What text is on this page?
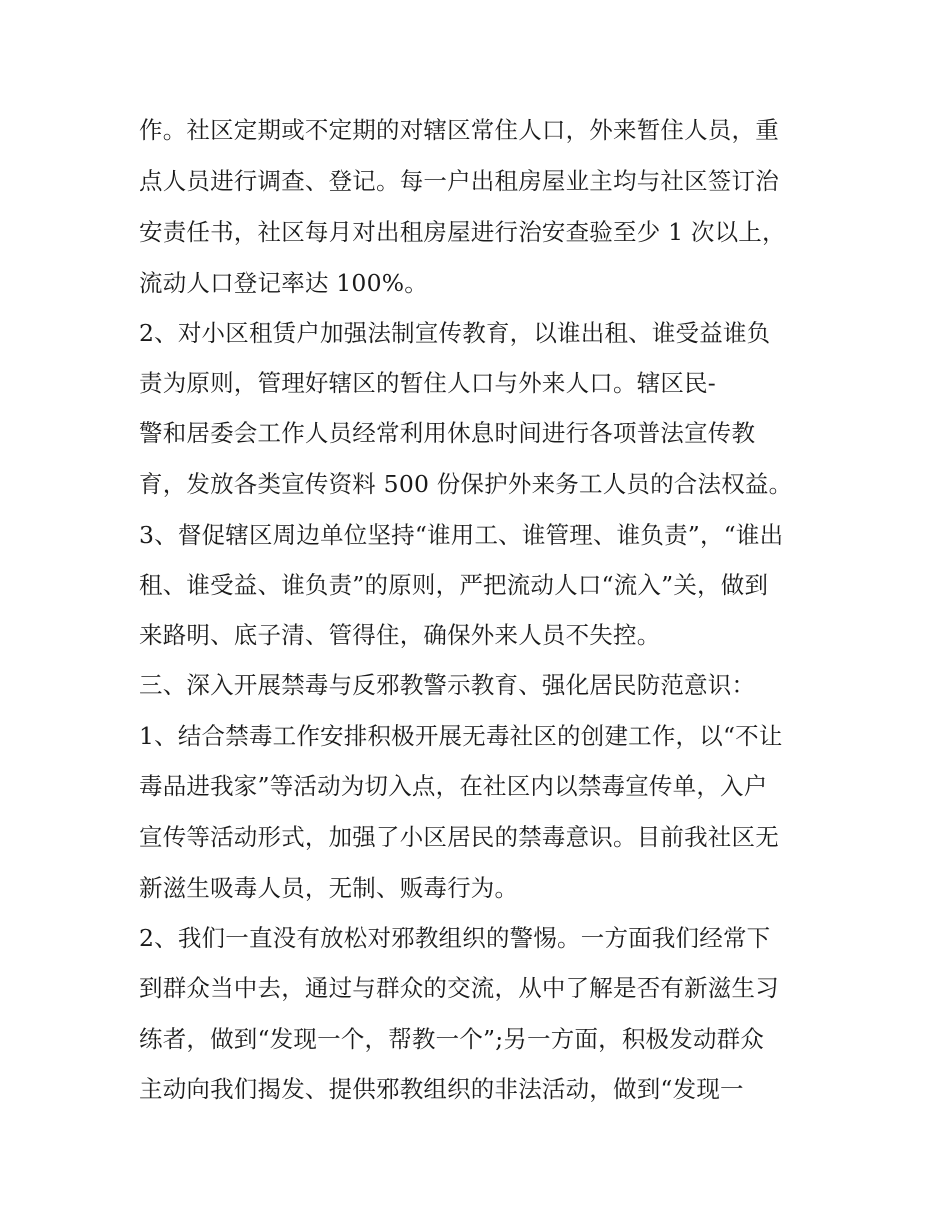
作。社区定期或不定期的对辖区常住人口，外来暂住人员，重
点人员进行调查、登记。每一户出租房屋业主均与社区签订治
安责任书，社区每月对出租房屋进行治安查验至少 1 次以上，
流动人口登记率达 100%。
2、对小区租赁户加强法制宣传教育，以谁出租、谁受益谁负
责为原则，管理好辖区的暂住人口与外来人口。辖区民-
警和居委会工作人员经常利用休息时间进行各项普法宣传教
育，发放各类宣传资料 500 份保护外来务工人员的合法权益。
3、督促辖区周边单位坚持“谁用工、谁管理、谁负责”，“谁出
租、谁受益、谁负责”的原则，严把流动人口“流入”关，做到
来路明、底子清、管得住，确保外来人员不失控。
三、深入开展禁毒与反邪教警示教育、强化居民防范意识：
1、结合禁毒工作安排积极开展无毒社区的创建工作，以“不让
毒品进我家”等活动为切入点，在社区内以禁毒宣传单，入户
宣传等活动形式，加强了小区居民的禁毒意识。目前我社区无
新滋生吸毒人员，无制、贩毒行为。
2、我们一直没有放松对邪教组织的警惕。一方面我们经常下
到群众当中去，通过与群众的交流，从中了解是否有新滋生习
练者，做到“发现一个，帮教一个”;另一方面，积极发动群众
主动向我们揭发、提供邪教组织的非法活动，做到“发现一
